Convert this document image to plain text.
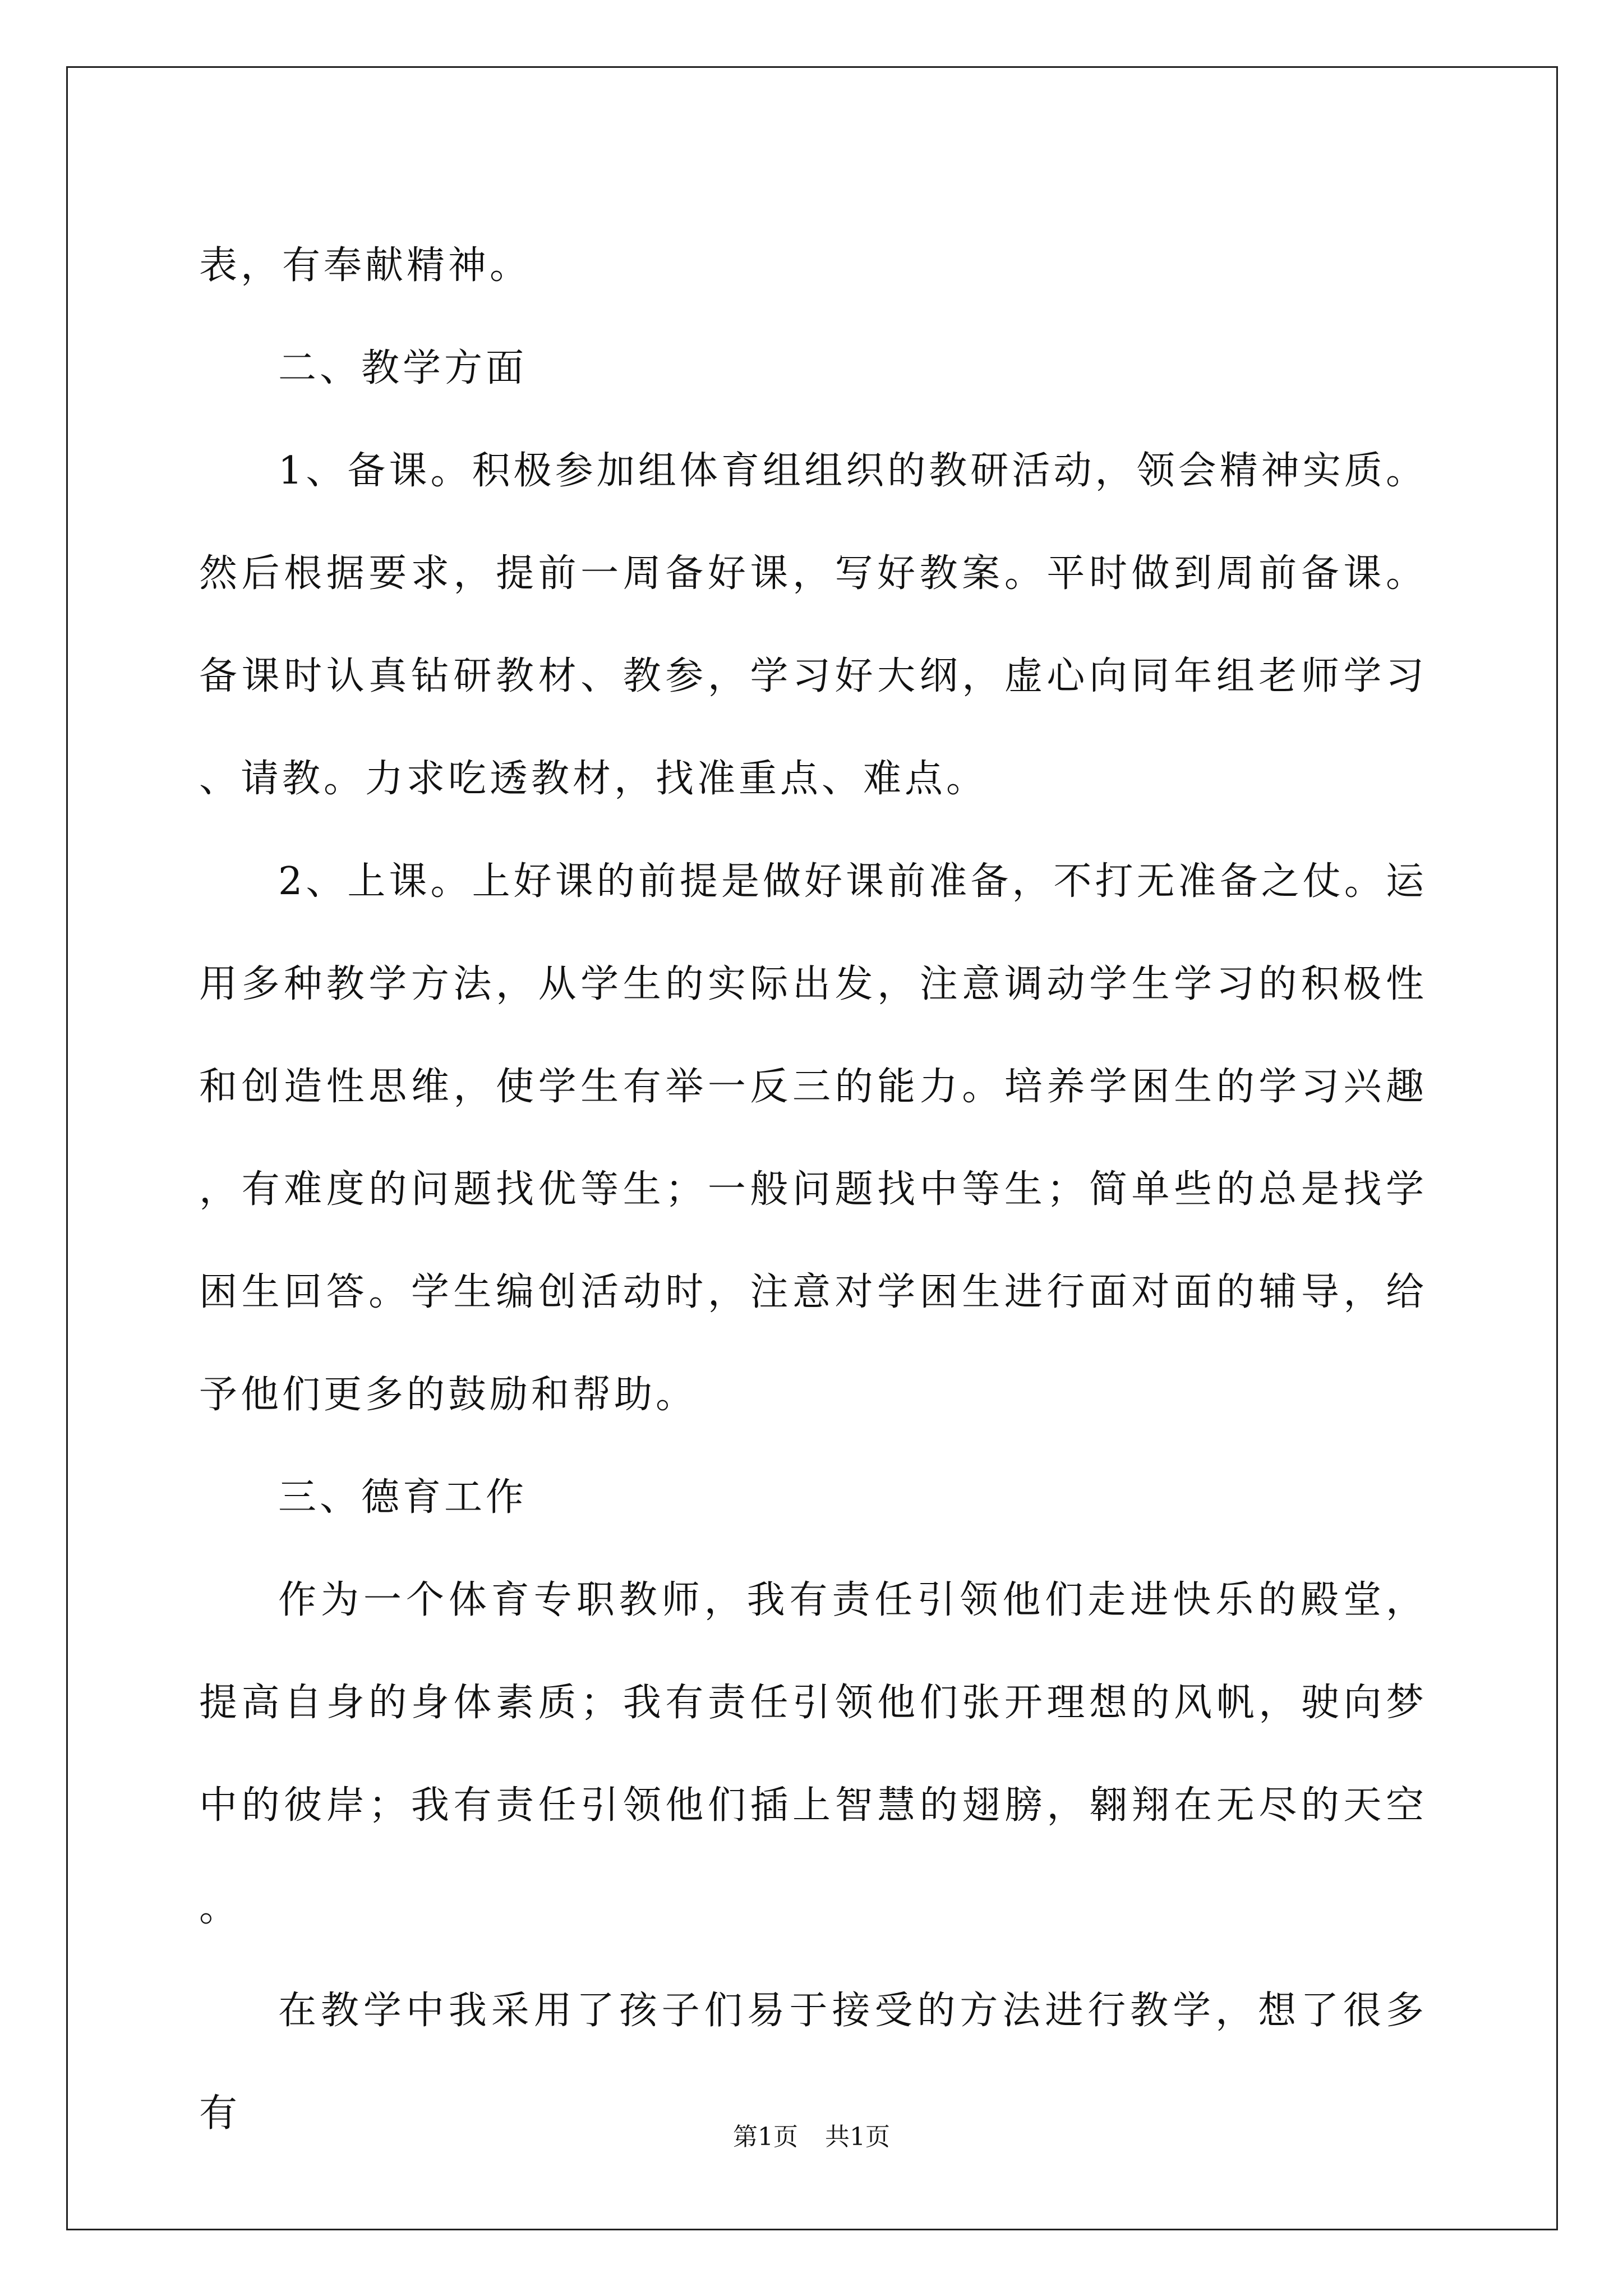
表，有奉献精神。

二、教学方面

1、备课。积极参加组体育组组织的教研活动，领会精神实质。然后根据要求，提前一周备好课，写好教案。平时做到周前备课。备课时认真钻研教材、教参，学习好大纲，虚心向同年组老师学习、请教。力求吃透教材，找准重点、难点。

2、上课。上好课的前提是做好课前准备，不打无准备之仗。运用多种教学方法，从学生的实际出发，注意调动学生学习的积极性和创造性思维，使学生有举一反三的能力。培养学困生的学习兴趣，有难度的问题找优等生；一般问题找中等生；简单些的总是找学困生回答。学生编创活动时，注意对学困生进行面对面的辅导，给予他们更多的鼓励和帮助。

三、德育工作

作为一个体育专职教师，我有责任引领他们走进快乐的殿堂，提高自身的身体素质；我有责任引领他们张开理想的风帆，驶向梦中的彼岸；我有责任引领他们插上智慧的翅膀，翱翔在无尽的天空。

在教学中我采用了孩子们易于接受的方法进行教学，想了很多有

第1页 共1页
